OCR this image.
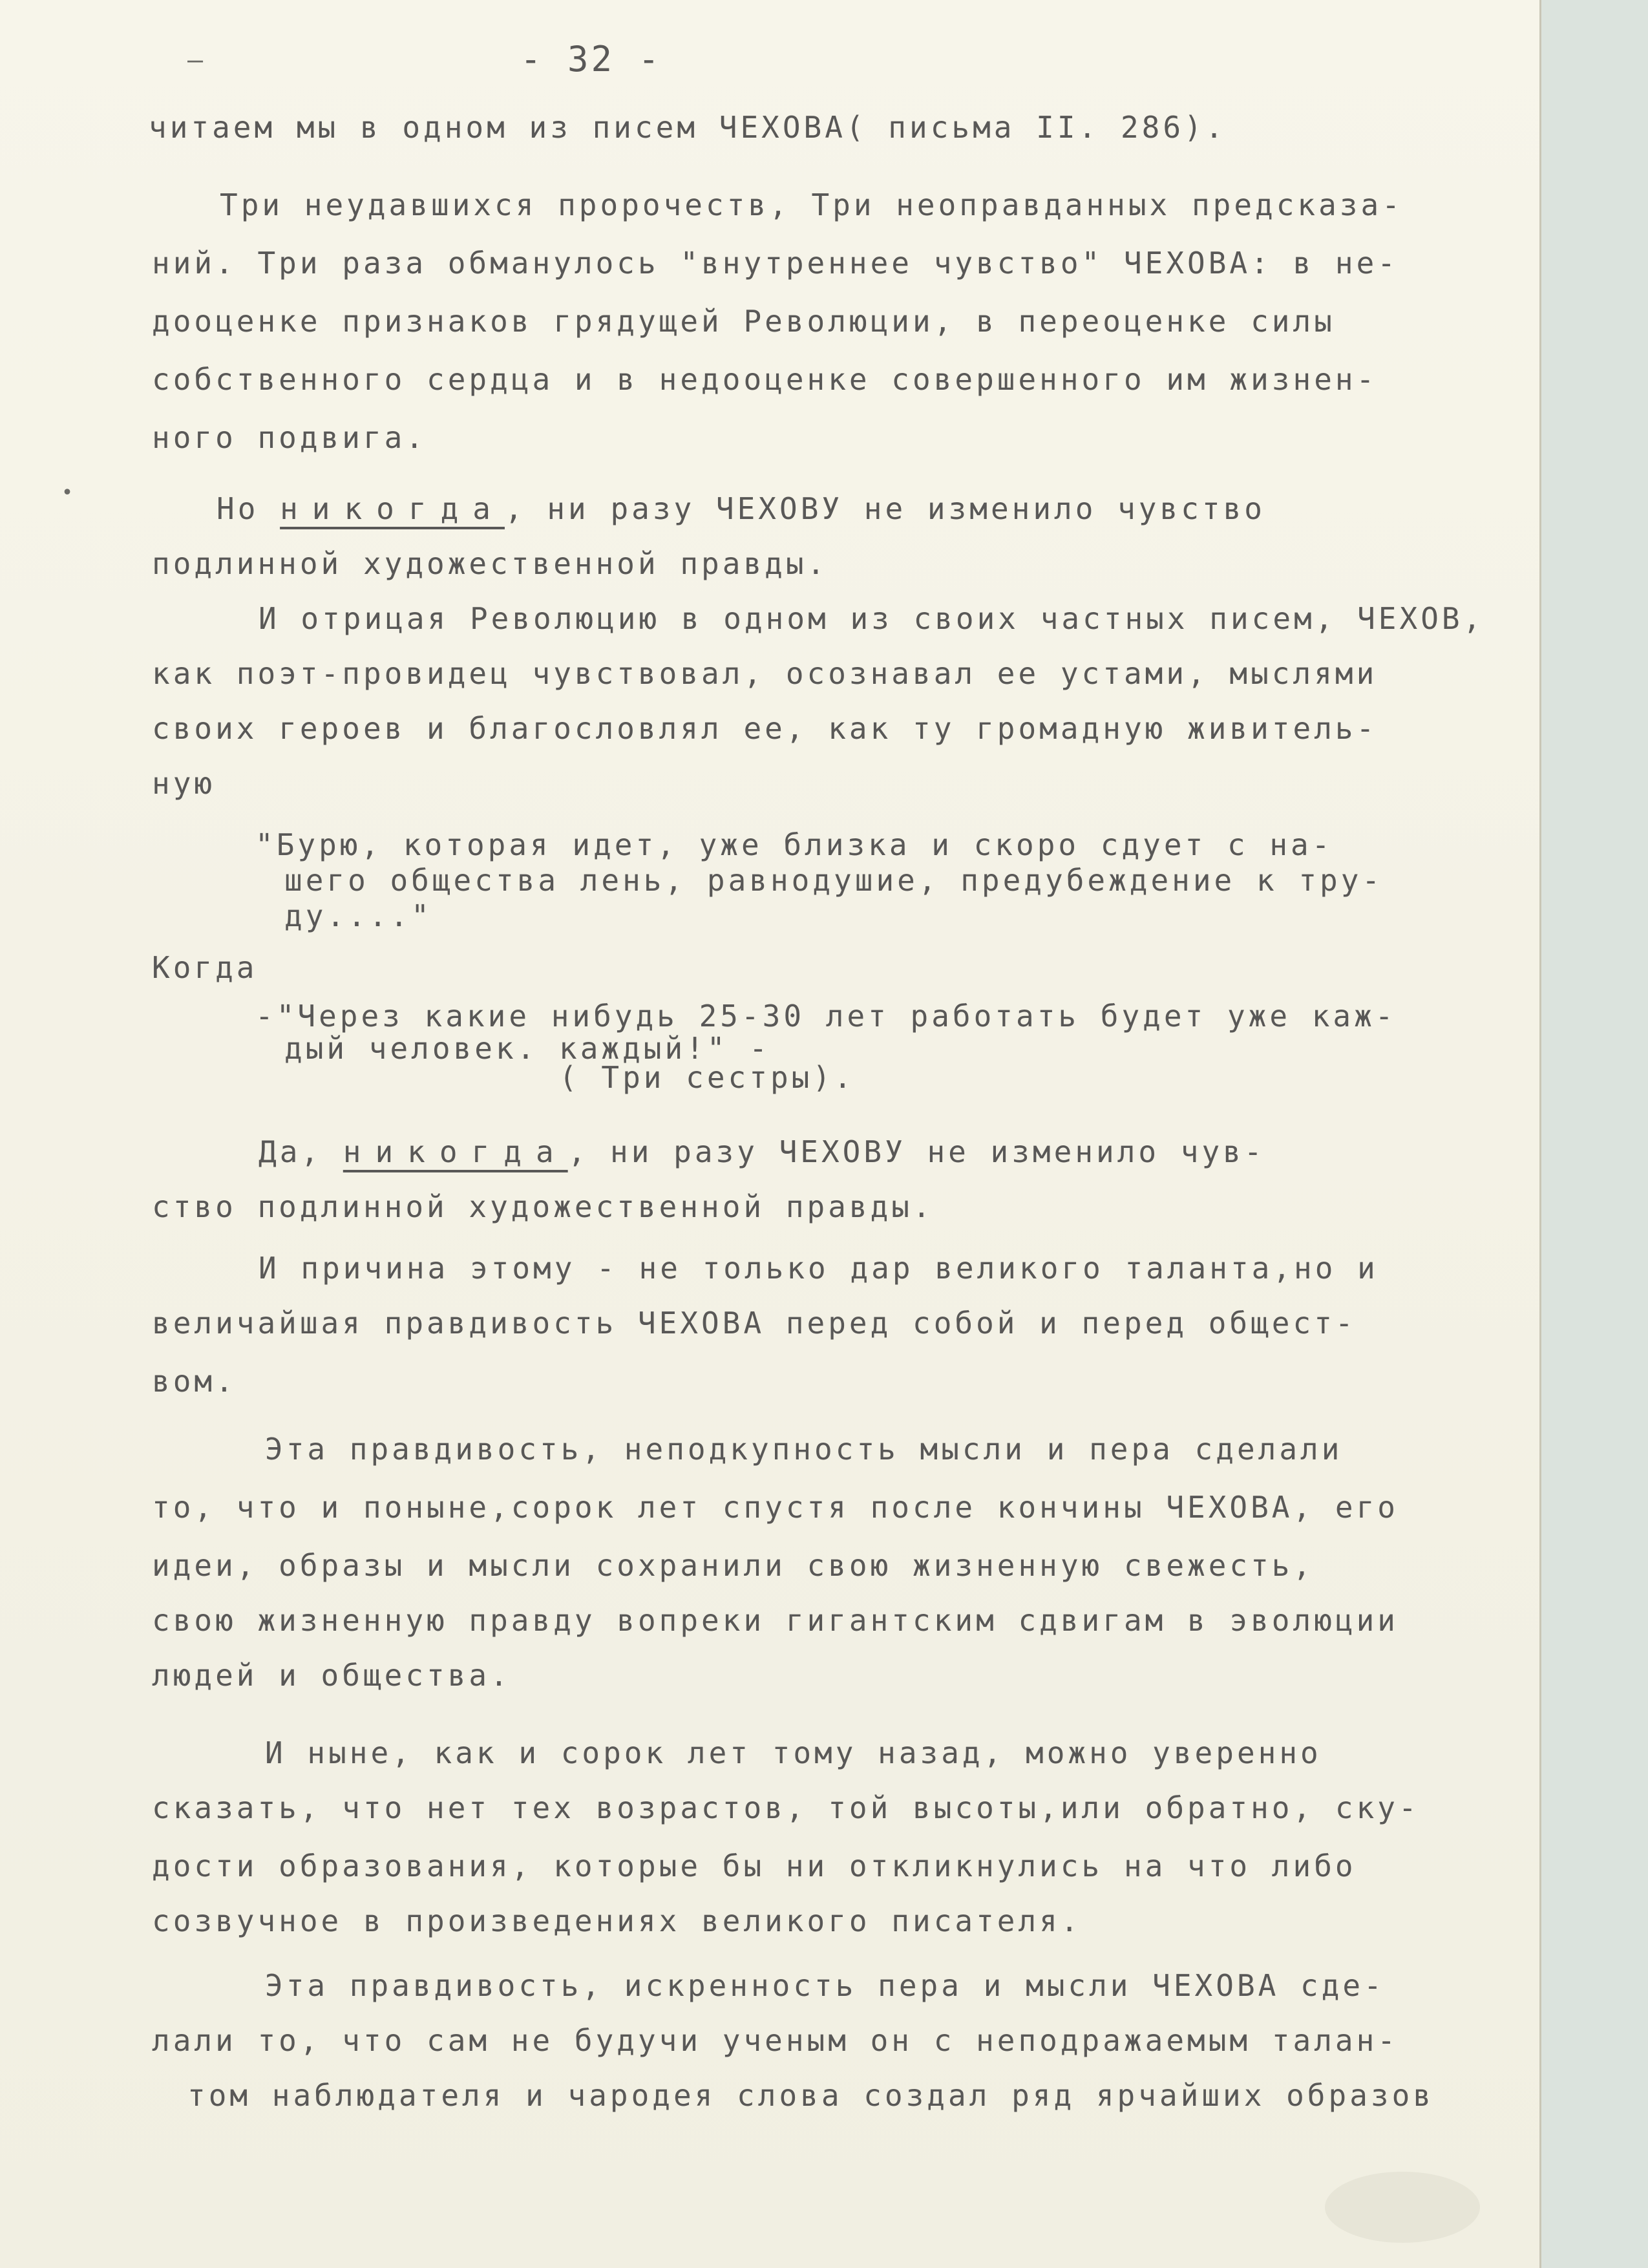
–
•
- 32 -
читаем мы в одном из писем ЧЕХОВА( письма II. 286).
Три неудавшихся пророчеств, Три неоправданных предсказа-
ний. Три раза обманулось "внутреннее чувство" ЧЕХОВА: в не-
дооценке признаков грядущей Революции, в переоценке силы
собственного сердца и в недооценке совершенного им жизнен-
ного подвига.
Но никогда, ни разу ЧЕХОВУ не изменило чувство
подлинной художественной правды.
И отрицая Революцию в одном из своих частных писем, ЧЕХОВ,
как поэт-провидец чувствовал, осознавал ее устами, мыслями
своих героев и благословлял ее, как ту громадную живитель-
ную
"Бурю, которая идет, уже близка и скоро сдует с на-
шего общества лень, равнодушие, предубеждение к тру-
ду...."
Когда
-"Через какие нибудь 25-30 лет работать будет уже каж-
дый человек. каждый!" -
( Три сестры).
Да, никогда, ни разу ЧЕХОВУ не изменило чув-
ство подлинной художественной правды.
И причина этому - не только дар великого таланта,но и
величайшая правдивость ЧЕХОВА перед собой и перед общест-
вом.
Эта правдивость, неподкупность мысли и пера сделали
то, что и поныне,сорок лет спустя после кончины ЧЕХОВА, его
идеи, образы и мысли сохранили свою жизненную свежесть,
свою жизненную правду вопреки гигантским сдвигам в эволюции
людей и общества.
И ныне, как и сорок лет тому назад, можно уверенно
сказать, что нет тех возрастов, той высоты,или обратно, ску-
дости образования, которые бы ни откликнулись на что либо
созвучное в произведениях великого писателя.
Эта правдивость, искренность пера и мысли ЧЕХОВА сде-
лали то, что сам не будучи ученым он с неподражаемым талан-
том наблюдателя и чародея слова создал ряд ярчайших образов
